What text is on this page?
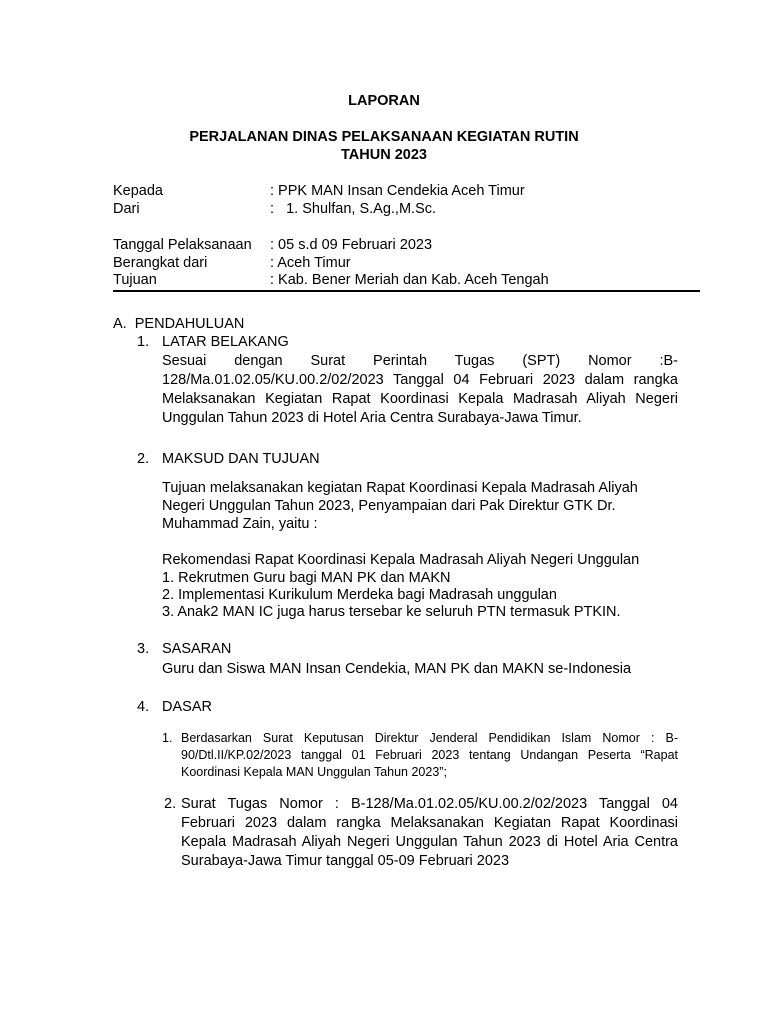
LAPORAN
PERJALANAN DINAS PELAKSANAAN KEGIATAN RUTIN
TAHUN 2023
Kepada	: PPK MAN Insan Cendekia Aceh Timur
Dari	:   1. Shulfan, S.Ag.,M.Sc.
Tanggal Pelaksanaan : 05 s.d 09 Februari 2023
Berangkat dari	: Aceh Timur
Tujuan	: Kab. Bener Meriah dan Kab. Aceh Tengah
A.  PENDAHULUAN
1. LATAR BELAKANG
Sesuai dengan Surat Perintah Tugas (SPT) Nomor :B-128/Ma.01.02.05/KU.00.2/02/2023 Tanggal 04 Februari 2023 dalam rangka Melaksanakan Kegiatan Rapat Koordinasi Kepala Madrasah Aliyah Negeri Unggulan Tahun 2023 di Hotel Aria Centra Surabaya-Jawa Timur.
2. MAKSUD DAN TUJUAN
Tujuan melaksanakan kegiatan Rapat Koordinasi Kepala Madrasah Aliyah
Negeri Unggulan Tahun 2023, Penyampaian dari Pak Direktur GTK Dr.
Muhammad Zain, yaitu :
Rekomendasi Rapat Koordinasi Kepala Madrasah Aliyah Negeri Unggulan
1. Rekrutmen Guru bagi MAN PK dan MAKN
2. Implementasi Kurikulum Merdeka bagi Madrasah unggulan
3. Anak2 MAN IC juga harus tersebar ke seluruh PTN termasuk PTKIN.
3. SASARAN
Guru dan Siswa MAN Insan Cendekia, MAN PK dan MAKN se-Indonesia
4. DASAR
1. Berdasarkan Surat Keputusan Direktur Jenderal Pendidikan Islam Nomor : B-90/Dtl.II/KP.02/2023 tanggal 01 Februari 2023 tentang Undangan Peserta “Rapat Koordinasi Kepala MAN Unggulan Tahun 2023”;
2. Surat Tugas Nomor : B-128/Ma.01.02.05/KU.00.2/02/2023 Tanggal 04 Februari 2023 dalam rangka Melaksanakan Kegiatan Rapat Koordinasi Kepala Madrasah Aliyah Negeri Unggulan Tahun 2023 di Hotel Aria Centra Surabaya-Jawa Timur tanggal 05-09 Februari 2023
